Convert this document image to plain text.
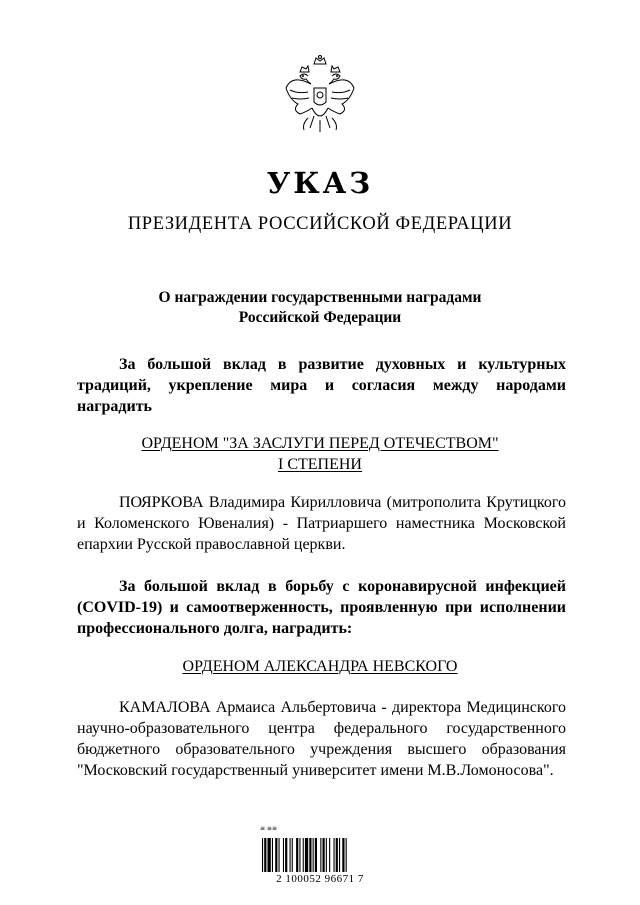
УКАЗ
ПРЕЗИДЕНТА РОССИЙСКОЙ ФЕДЕРАЦИИ
О награждении государственными наградами
Российской Федерации
За большой вклад в развитие духовных и культурных
традиций, укрепление мира и согласия между народами
наградить
ОРДЕНОМ "ЗА ЗАСЛУГИ ПЕРЕД ОТЕЧЕСТВОМ"
I СТЕПЕНИ
ПОЯРКОВА Владимира Кирилловича (митрополита Крутицкого
и Коломенского Ювеналия) - Патриаршего наместника Московской
епархии Русской православной церкви.
За большой вклад в борьбу с коронавирусной инфекцией
(COVID-19) и самоотверженность, проявленную при исполнении
профессионального долга, наградить:
ОРДЕНОМ АЛЕКСАНДРА НЕВСКОГО
КАМАЛОВА Армаиса Альбертовича - директора Медицинского
научно-образовательного центра федерального государственного
бюджетного образовательного учреждения высшего образования
"Московский государственный университет имени М.В.Ломоносова".
≡ ≡≡
2 100052 96671 7
